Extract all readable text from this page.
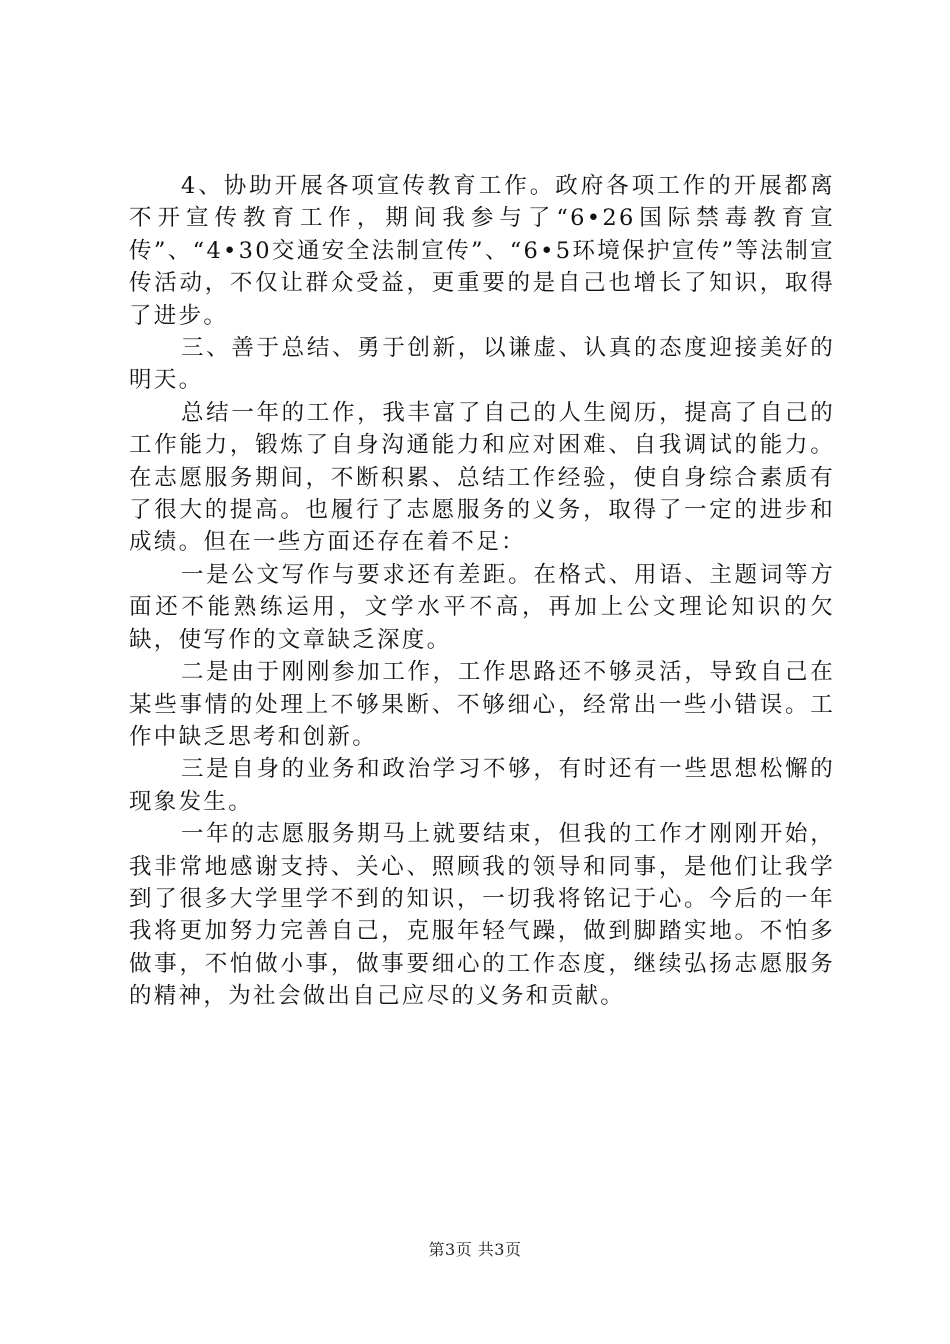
4、协助开展各项宣传教育工作。政府各项工作的开展都离不开宣传教育工作，期间我参与了“6•26国际禁毒教育宣传”、“4•30交通安全法制宣传”、“6•5环境保护宣传”等法制宣传活动，不仅让群众受益，更重要的是自己也增长了知识，取得了进步。

三、善于总结、勇于创新，以谦虚、认真的态度迎接美好的明天。

总结一年的工作，我丰富了自己的人生阅历，提高了自己的工作能力，锻炼了自身沟通能力和应对困难、自我调试的能力。在志愿服务期间，不断积累、总结工作经验，使自身综合素质有了很大的提高。也履行了志愿服务的义务，取得了一定的进步和成绩。但在一些方面还存在着不足：

一是公文写作与要求还有差距。在格式、用语、主题词等方面还不能熟练运用，文学水平不高，再加上公文理论知识的欠缺，使写作的文章缺乏深度。

二是由于刚刚参加工作，工作思路还不够灵活，导致自己在某些事情的处理上不够果断、不够细心，经常出一些小错误。工作中缺乏思考和创新。

三是自身的业务和政治学习不够，有时还有一些思想松懈的现象发生。

一年的志愿服务期马上就要结束，但我的工作才刚刚开始，我非常地感谢支持、关心、照顾我的领导和同事，是他们让我学到了很多大学里学不到的知识，一切我将铭记于心。今后的一年我将更加努力完善自己，克服年轻气躁，做到脚踏实地。不怕多做事，不怕做小事，做事要细心的工作态度，继续弘扬志愿服务的精神，为社会做出自己应尽的义务和贡献。

第3页 共3页
